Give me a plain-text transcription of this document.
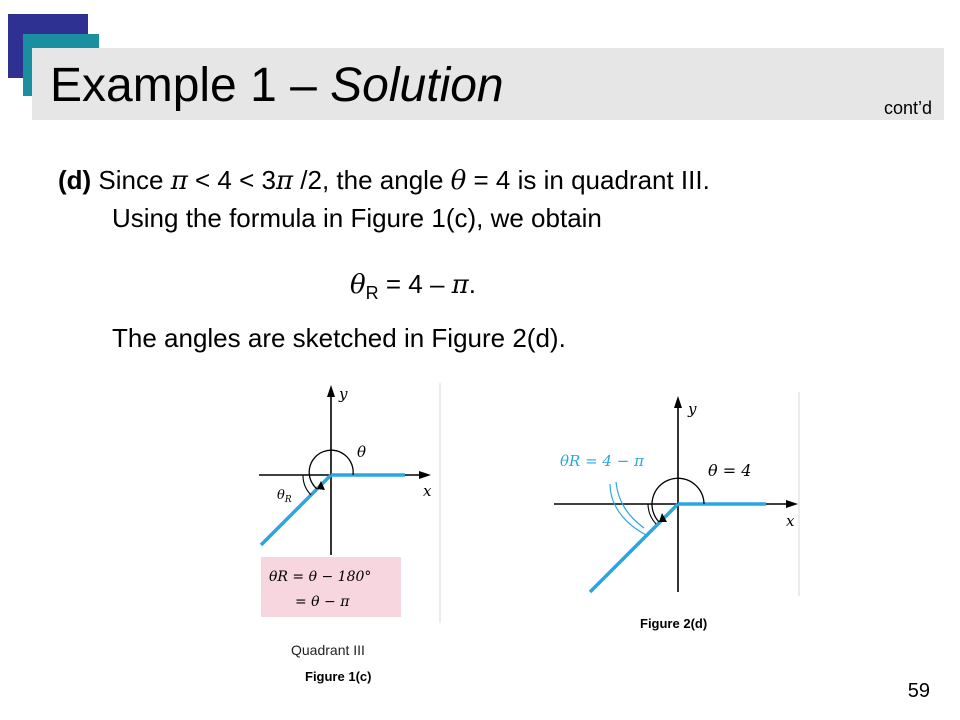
Example 1 – Solution	cont’d
(d) Since π < 4 < 3π /2, the angle θ = 4 is in quadrant III.
Using the formula in Figure 1(c), we obtain
$\theta_R = 4 - \pi$.
The angles are sketched in Figure 2(d).
y
x
θ
$\theta_R$
θR = θ − 180°
= θ − π
Quadrant III
Figure 1(c)
y
x
θ = 4
θR = 4 − π
Figure 2(d)
59
